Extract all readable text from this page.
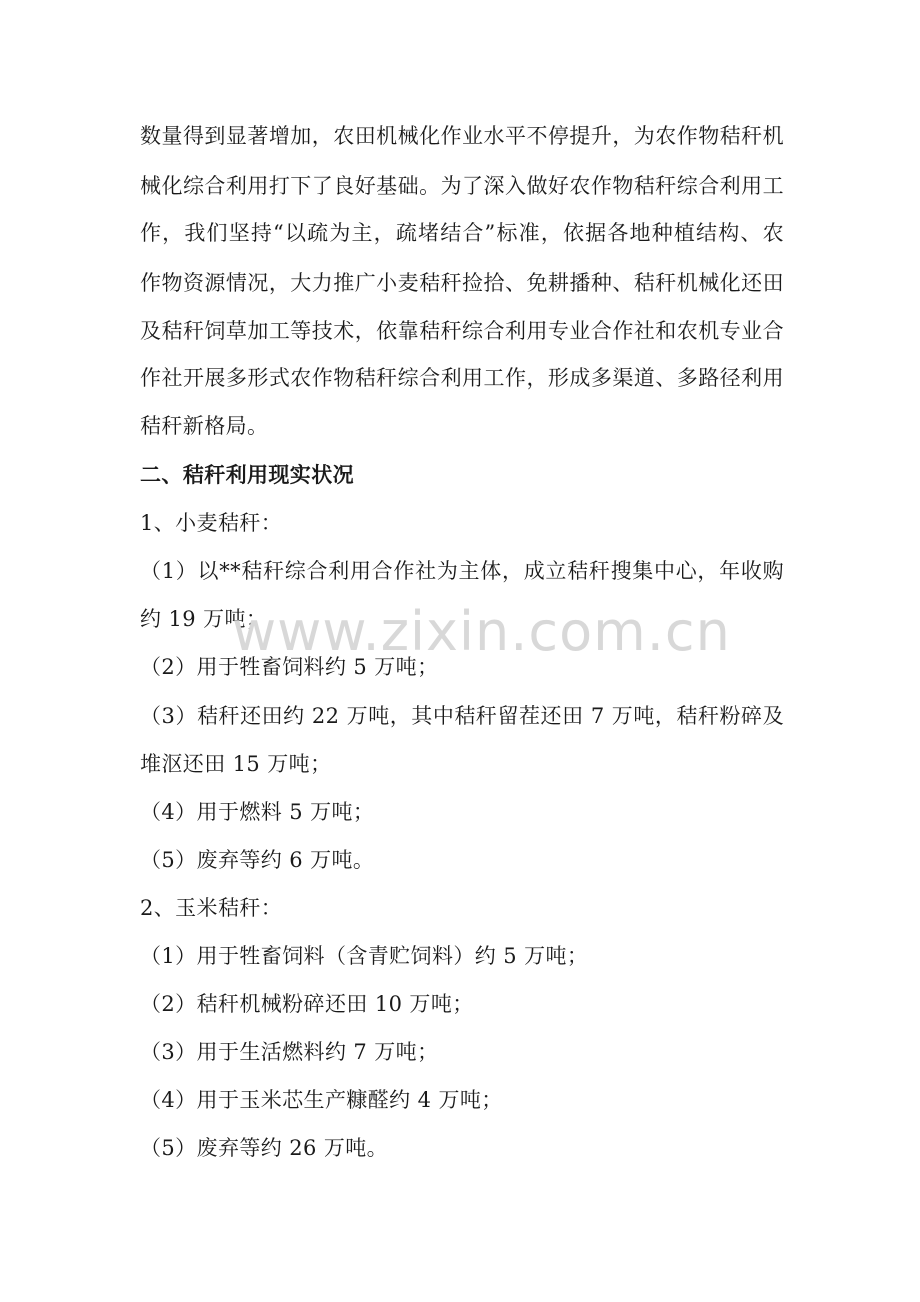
数量得到显著增加，农田机械化作业水平不停提升，为农作物秸秆机
械化综合利用打下了良好基础。为了深入做好农作物秸秆综合利用工
作，我们坚持“以疏为主，疏堵结合”标准，依据各地种植结构、农
作物资源情况，大力推广小麦秸秆捡拾、免耕播种、秸秆机械化还田
及秸秆饲草加工等技术，依靠秸秆综合利用专业合作社和农机专业合
作社开展多形式农作物秸秆综合利用工作，形成多渠道、多路径利用
秸秆新格局。
二、秸秆利用现实状况
1、小麦秸秆：
（1）以**秸秆综合利用合作社为主体，成立秸秆搜集中心，年收购
约 19 万吨；
（2）用于牲畜饲料约 5 万吨；
（3）秸秆还田约 22 万吨，其中秸秆留茬还田 7 万吨，秸秆粉碎及
堆沤还田 15 万吨；
（4）用于燃料 5 万吨；
（5）废弃等约 6 万吨。
2、玉米秸秆：
（1）用于牲畜饲料（含青贮饲料）约 5 万吨；
（2）秸秆机械粉碎还田 10 万吨；
（3）用于生活燃料约 7 万吨；
（4）用于玉米芯生产糠醛约 4 万吨；
（5）废弃等约 26 万吨。
www.zixin.com.cn
